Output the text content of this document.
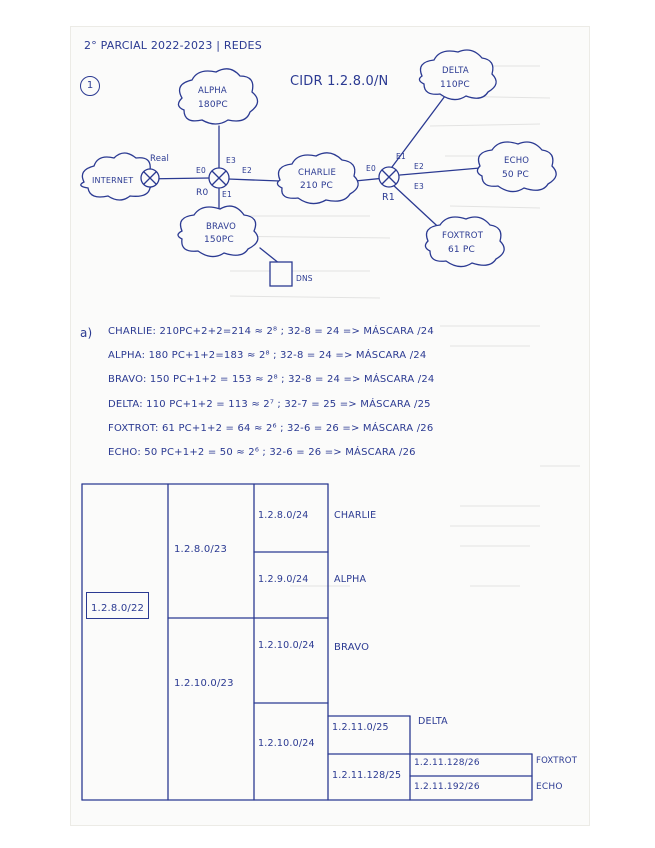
2° PARCIAL 2022-2023 | REDES
1	CIDR 1.2.8.0/N
INTERNET
ALPHA
180PC
BRAVO
150PC
CHARLIE
210 PC
DELTA
110PC
ECHO
50 PC
FOXTROT
61 PC
Real
R0	R1
E0
E1
E2
E3
E0
E1
E2
E3
DNS
a) CHARLIE: 210PC+2+2=214 ≈ 2⁸ ; 32-8 = 24 => MÁSCARA /24
ALPHA: 180 PC+1+2=183 ≈ 2⁸ ; 32-8 = 24 => MÁSCARA /24
BRAVO: 150 PC+1+2 = 153 ≈ 2⁸ ; 32-8 = 24 => MÁSCARA /24
DELTA: 110 PC+1+2 = 113 ≈ 2⁷ ; 32-7 = 25 => MÁSCARA /25
FOXTROT: 61 PC+1+2 = 64 ≈ 2⁶ ; 32-6 = 26 => MÁSCARA /26
ECHO: 50 PC+1+2 = 50 ≈ 2⁶ ; 32-6 = 26 => MÁSCARA /26
1.2.8.0/22
1.2.8.0/23
1.2.10.0/23
1.2.8.0/24
1.2.9.0/24
1.2.10.0/24
1.2.10.0/24
CHARLIE
ALPHA
BRAVO
1.2.11.0/25
1.2.11.128/25
DELTA
1.2.11.128/26
1.2.11.192/26
FOXTROT
ECHO
